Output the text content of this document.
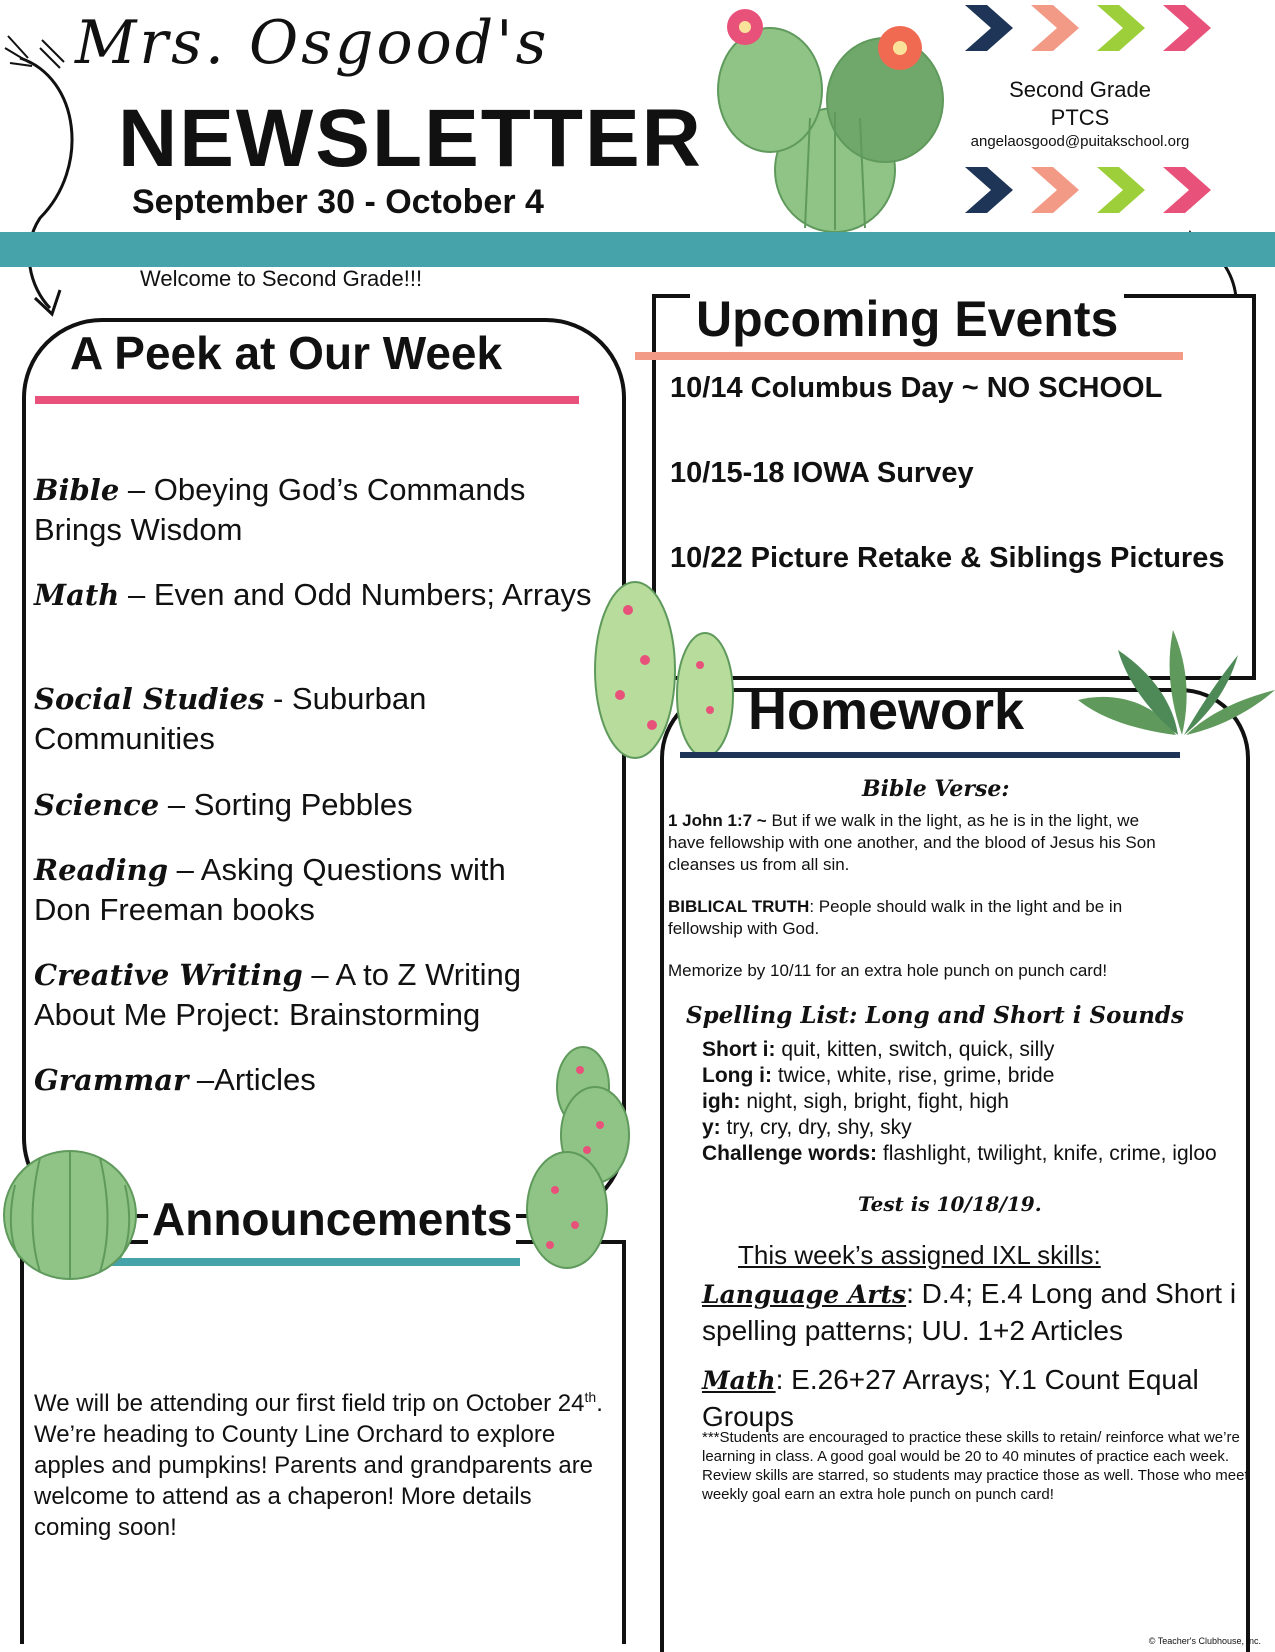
Mrs. Osgood's
NEWSLETTER
September 30 - October 4
Second Grade
PTCS
angelaosgood@puitakschool.org
Welcome to Second Grade!!!
A Peek at Our Week
Bible – Obeying God’s Commands Brings Wisdom
Math – Even and Odd Numbers; Arrays
Social Studies - Suburban Communities
Science – Sorting Pebbles
Reading – Asking Questions with Don Freeman books
Creative Writing – A to Z Writing About Me Project: Brainstorming
Grammar –Articles
Announcements
We will be attending our first field trip on October 24th. We’re heading to County Line Orchard to explore apples and pumpkins! Parents and grandparents are welcome to attend as a chaperon! More details coming soon!
Upcoming Events
10/14 Columbus Day ~ NO SCHOOL
10/15-18 IOWA Survey
10/22 Picture Retake & Siblings Pictures
Homework
Bible Verse:
1 John 1:7 ~ But if we walk in the light, as he is in the light, we have fellowship with one another, and the blood of Jesus his Son cleanses us from all sin.
BIBLICAL TRUTH: People should walk in the light and be in fellowship with God.
Memorize by 10/11 for an extra hole punch on punch card!
Spelling List: Long and Short i Sounds
Short i: quit, kitten, switch, quick, silly
Long i: twice, white, rise, grime, bride
igh: night, sigh, bright, fight, high
y: try, cry, dry, shy, sky
Challenge words: flashlight, twilight, knife, crime, igloo
Test is 10/18/19.
This week’s assigned IXL skills:
Language Arts: D.4; E.4 Long and Short i spelling patterns; UU. 1+2 Articles
Math: E.26+27 Arrays; Y.1 Count Equal Groups
***Students are encouraged to practice these skills to retain/ reinforce what we’re learning in class. A good goal would be 20 to 40 minutes of practice each week. Review skills are starred, so students may practice those as well. Those who meet weekly goal earn an extra hole punch on punch card!
© Teacher's Clubhouse, Inc.
